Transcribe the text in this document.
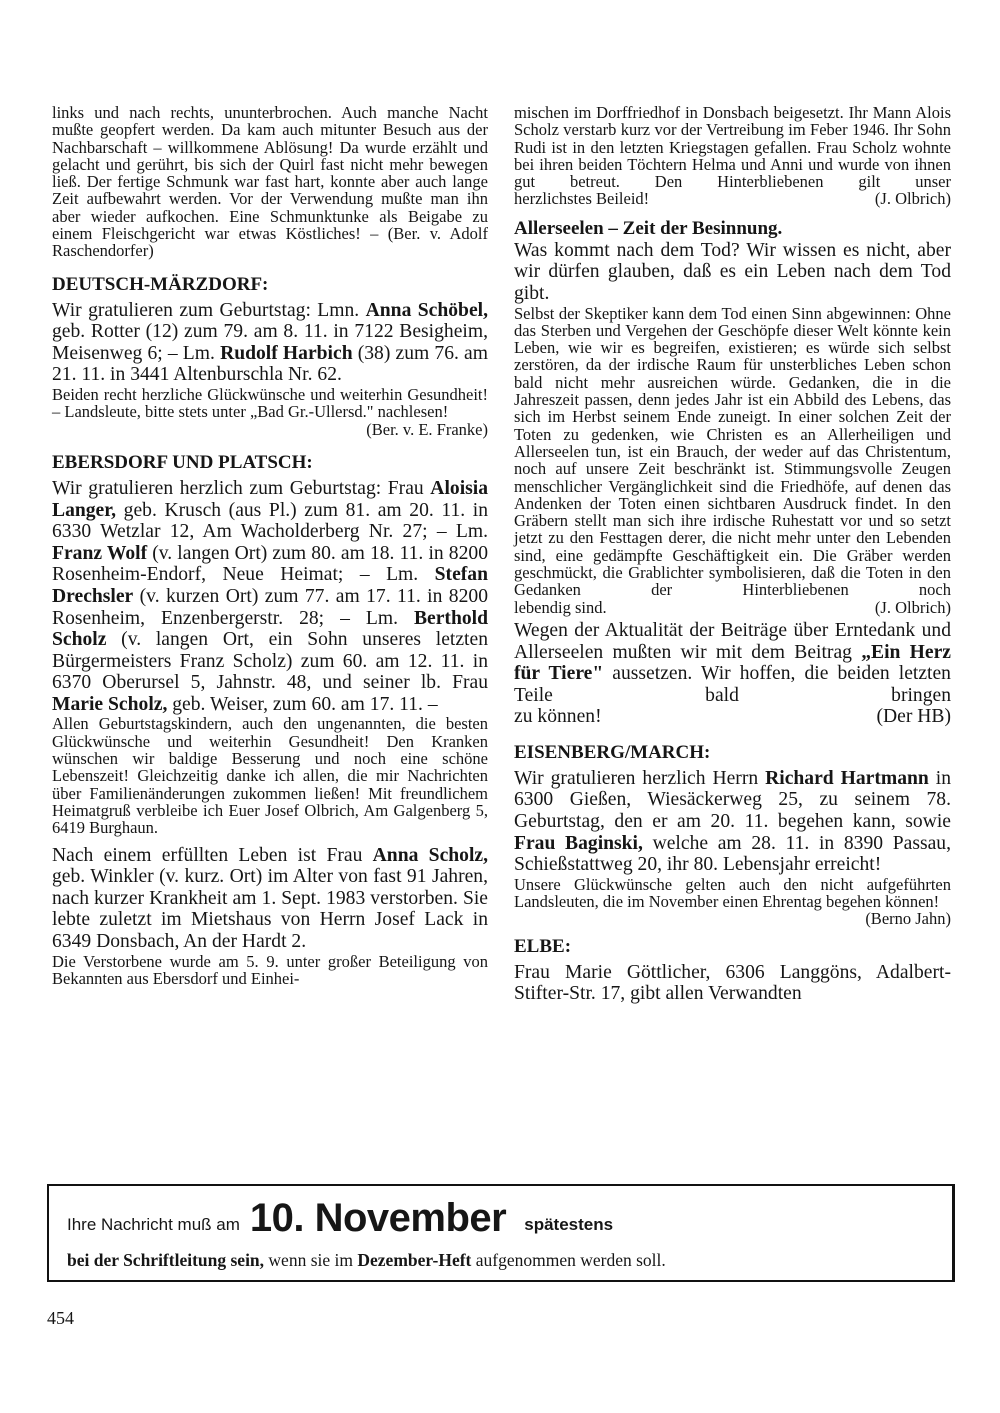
links und nach rechts, ununterbrochen. Auch manche Nacht mußte geopfert werden. Da kam auch mitunter Besuch aus der Nachbarschaft – willkommene Ablösung! Da wurde erzählt und gelacht und gerührt, bis sich der Quirl fast nicht mehr bewegen ließ. Der fertige Schmunk war fast hart, konnte aber auch lange Zeit aufbewahrt werden. Vor der Verwendung mußte man ihn aber wieder aufkochen. Eine Schmunktunke als Beigabe zu einem Fleischgericht war etwas Köstliches! – (Ber. v. Adolf Raschendorfer)

DEUTSCH-MÄRZDORF:

Wir gratulieren zum Geburtstag: Lmn. Anna Schöbel, geb. Rotter (12) zum 79. am 8. 11. in 7122 Besigheim, Meisenweg 6; – Lm. Rudolf Harbich (38) zum 76. am 21. 11. in 3441 Altenburschla Nr. 62.

Beiden recht herzliche Glückwünsche und weiterhin Gesundheit! – Landsleute, bitte stets unter „Bad Gr.-Ullersd." nachlesen!

(Ber. v. E. Franke)

EBERSDORF UND PLATSCH:

Wir gratulieren herzlich zum Geburtstag: Frau Aloisia Langer, geb. Krusch (aus Pl.) zum 81. am 20. 11. in 6330 Wetzlar 12, Am Wacholderberg Nr. 27; – Lm. Franz Wolf (v. langen Ort) zum 80. am 18. 11. in 8200 Rosenheim-Endorf, Neue Heimat; – Lm. Stefan Drechsler (v. kurzen Ort) zum 77. am 17. 11. in 8200 Rosenheim, Enzenbergerstr. 28; – Lm. Berthold Scholz (v. langen Ort, ein Sohn unseres letzten Bürgermeisters Franz Scholz) zum 60. am 12. 11. in 6370 Oberursel 5, Jahnstr. 48, und seiner lb. Frau Marie Scholz, geb. Weiser, zum 60. am 17. 11. –

Allen Geburtstagskindern, auch den ungenannten, die besten Glückwünsche und weiterhin Gesundheit! Den Kranken wünschen wir baldige Besserung und noch eine schöne Lebenszeit! Gleichzeitig danke ich allen, die mir Nachrichten über Familienänderungen zukommen ließen! Mit freundlichem Heimatgruß verbleibe ich Euer Josef Olbrich, Am Galgenberg 5, 6419 Burghaun.

Nach einem erfüllten Leben ist Frau Anna Scholz, geb. Winkler (v. kurz. Ort) im Alter von fast 91 Jahren, nach kurzer Krankheit am 1. Sept. 1983 verstorben. Sie lebte zuletzt im Mietshaus von Herrn Josef Lack in 6349 Donsbach, An der Hardt 2.

Die Verstorbene wurde am 5. 9. unter großer Beteiligung von Bekannten aus Ebersdorf und Einhei-

mischen im Dorffriedhof in Donsbach beigesetzt. Ihr Mann Alois Scholz verstarb kurz vor der Vertreibung im Feber 1946. Ihr Sohn Rudi ist in den letzten Kriegstagen gefallen. Frau Scholz wohnte bei ihren beiden Töchtern Helma und Anni und wurde von ihnen gut betreut. Den Hinterbliebenen gilt unser

herzlichstes Beileid!	(J. Olbrich)
Allerseelen – Zeit der Besinnung.

Was kommt nach dem Tod? Wir wissen es nicht, aber wir dürfen glauben, daß es ein Leben nach dem Tod gibt.

Selbst der Skeptiker kann dem Tod einen Sinn abgewinnen: Ohne das Sterben und Vergehen der Geschöpfe dieser Welt könnte kein Leben, wie wir es begreifen, existieren; es würde sich selbst zerstören, da der irdische Raum für unsterbliches Leben schon bald nicht mehr ausreichen würde. Gedanken, die in die Jahreszeit passen, denn jedes Jahr ist ein Abbild des Lebens, das sich im Herbst seinem Ende zuneigt. In einer solchen Zeit der Toten zu gedenken, wie Christen es an Allerheiligen und Allerseelen tun, ist ein Brauch, der weder auf das Christentum, noch auf unsere Zeit beschränkt ist. Stimmungsvolle Zeugen menschlicher Vergänglichkeit sind die Friedhöfe, auf denen das Andenken der Toten einen sichtbaren Ausdruck findet. In den Gräbern stellt man sich ihre irdische Ruhestatt vor und so setzt jetzt zu den Festtagen derer, die nicht mehr unter den Lebenden sind, eine gedämpfte Geschäftigkeit ein. Die Gräber werden geschmückt, die Grablichter symbolisieren, daß die Toten in den Gedanken der Hinterbliebenen noch

lebendig sind.	(J. Olbrich)

Wegen der Aktualität der Beiträge über Erntedank und Allerseelen mußten wir mit dem Beitrag „Ein Herz für Tiere" aussetzen. Wir hoffen, die beiden letzten Teile bald bringen

zu können!	(Der HB)
EISENBERG/MARCH:

Wir gratulieren herzlich Herrn Richard Hartmann in 6300 Gießen, Wiesäckerweg 25, zu seinem 78. Geburtstag, den er am 20. 11. begehen kann, sowie Frau Baginski, welche am 28. 11. in 8390 Passau, Schießstattweg 20, ihr 80. Lebensjahr erreicht!

Unsere Glückwünsche gelten auch den nicht aufgeführten Landsleuten, die im November einen Ehrentag begehen können!

(Berno Jahn)

ELBE:

Frau Marie Göttlicher, 6306 Langgöns, Adalbert-Stifter-Str. 17, gibt allen Verwandten

Ihre Nachricht muß am 10. November spätestens
bei der Schriftleitung sein, wenn sie im Dezember-Heft aufgenommen werden soll.
454
